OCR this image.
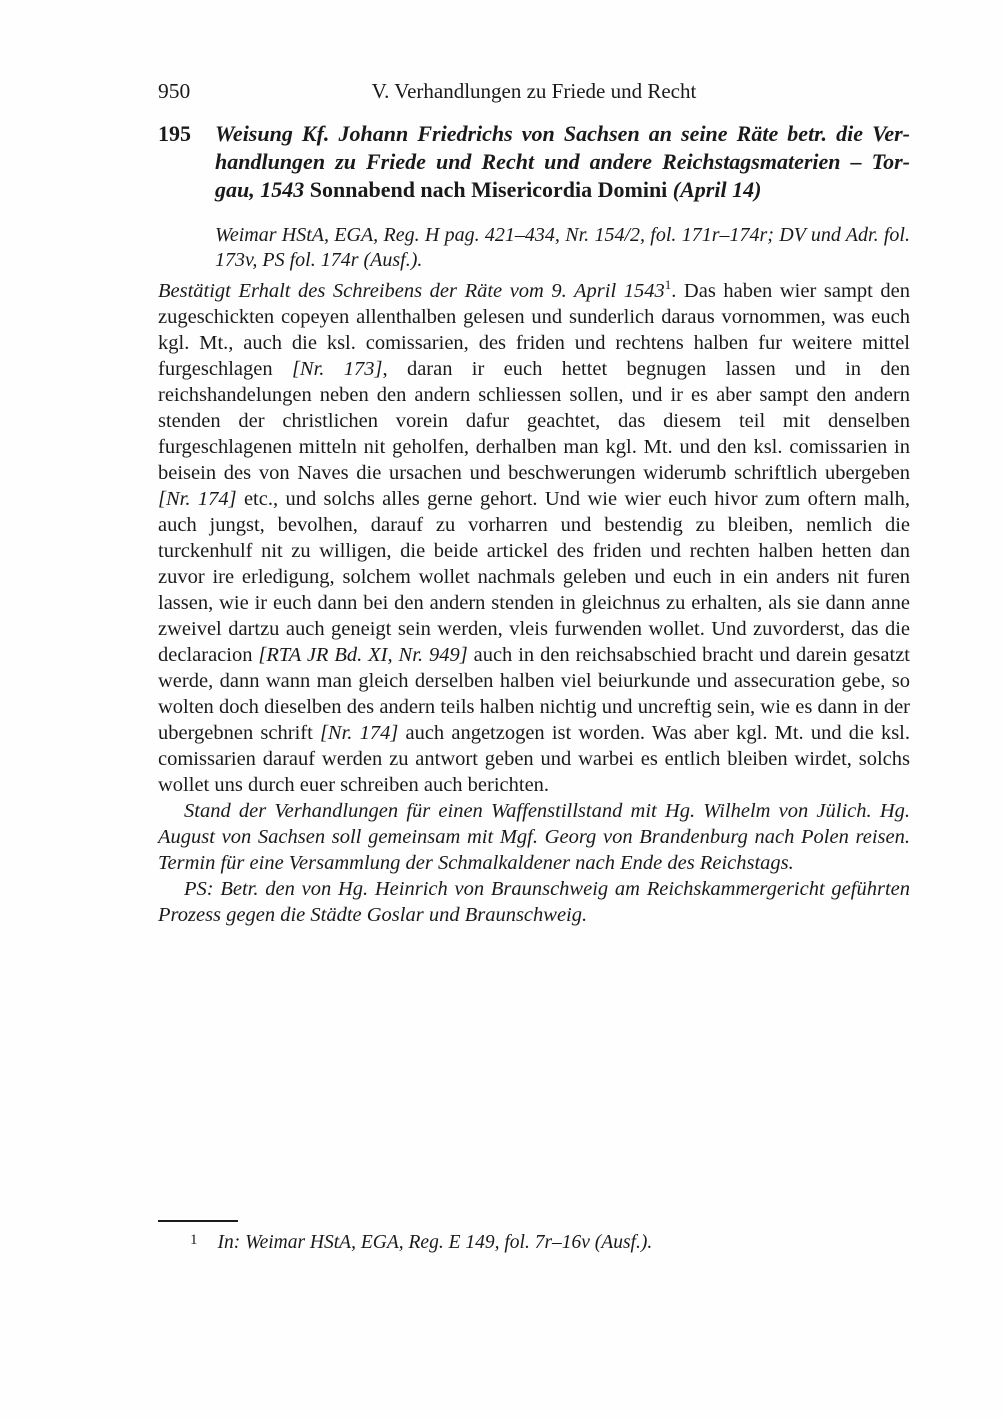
950	V. Verhandlungen zu Friede und Recht
195 Weisung Kf. Johann Friedrichs von Sachsen an seine Räte betr. die Ver-
handlungen zu Friede und Recht und andere Reichstagsmaterien – Tor-
gau, 1543 Sonnabend nach Misericordia Domini (April 14)
Weimar HStA, EGA, Reg. H pag. 421–434, Nr. 154/2, fol. 171r–174r; DV und Adr. fol. 173v, PS fol. 174r (Ausf.).

Bestätigt Erhalt des Schreibens der Räte vom 9. April 1543$^1$. Das haben wier sampt den zugeschickten copeyen allenthalben gelesen und sunderlich daraus vornommen, was euch kgl. Mt., auch die ksl. comissarien, des friden und rechtens halben fur weitere mittel furgeschlagen [Nr. 173], daran ir euch hettet begnugen lassen und in den reichshandelungen neben den andern schliessen sollen, und ir es aber sampt den andern stenden der christlichen vorein dafur geachtet, das diesem teil mit denselben furgeschlagenen mitteln nit geholfen, derhalben man kgl. Mt. und den ksl. comissarien in beisein des von Naves die ursachen und beschwerungen widerumb schriftlich ubergeben [Nr. 174] etc., und solchs alles gerne gehort. Und wie wier euch hivor zum oftern malh, auch jungst, bevolhen, darauf zu vorharren und bestendig zu bleiben, nemlich die turckenhulf nit zu willigen, die beide artickel des friden und rechten halben hetten dan zuvor ire erledigung, solchem wollet nachmals geleben und euch in ein anders nit furen lassen, wie ir euch dann bei den andern stenden in gleichnus zu erhalten, als sie dann anne zweivel dartzu auch geneigt sein werden, vleis furwenden wollet. Und zuvorderst, das die declaracion [RTA JR Bd. XI, Nr. 949] auch in den reichsabschied bracht und darein gesatzt werde, dann wann man gleich derselben halben viel beiurkunde und assecuration gebe, so wolten doch dieselben des andern teils halben nichtig und uncreftig sein, wie es dann in der ubergebnen schrift [Nr. 174] auch angetzogen ist worden. Was aber kgl. Mt. und die ksl. comissarien darauf werden zu antwort geben und warbei es entlich bleiben wirdet, solchs wollet uns durch euer schreiben auch berichten.

Stand der Verhandlungen für einen Waffenstillstand mit Hg. Wilhelm von Jülich. Hg. August von Sachsen soll gemeinsam mit Mgf. Georg von Brandenburg nach Polen reisen. Termin für eine Versammlung der Schmalkaldener nach Ende des Reichstags.

PS: Betr. den von Hg. Heinrich von Braunschweig am Reichskammergericht geführten Prozess gegen die Städte Goslar und Braunschweig.

1 In: Weimar HStA, EGA, Reg. E 149, fol. 7r–16v (Ausf.).
